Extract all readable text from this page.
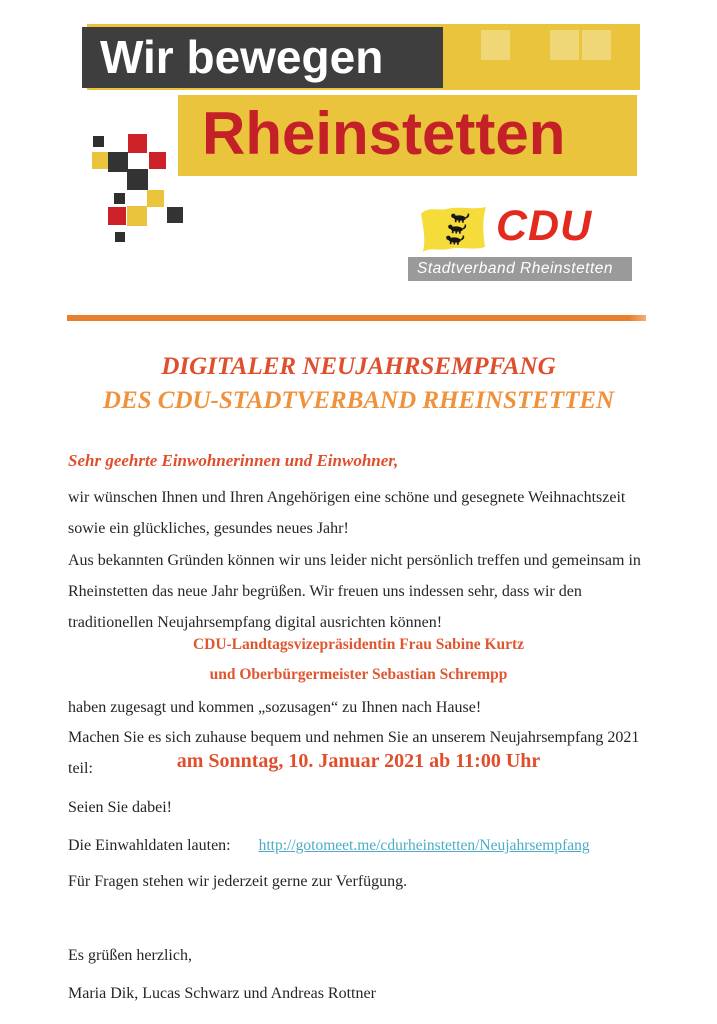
Wir bewegen
Rheinstetten
CDU
Stadtverband Rheinstetten
DIGITALER NEUJAHRSEMPFANG
DES CDU-STADTVERBAND RHEINSTETTEN
Sehr geehrte Einwohnerinnen und Einwohner,
wir wünschen Ihnen und Ihren Angehörigen eine schöne und gesegnete Weihnachtszeit sowie ein glückliches, gesundes neues Jahr!
Aus bekannten Gründen können wir uns leider nicht persönlich treffen und gemeinsam in Rheinstetten das neue Jahr begrüßen. Wir freuen uns indessen sehr, dass wir den traditionellen Neujahrsempfang digital ausrichten können!
CDU-Landtagsvizepräsidentin Frau Sabine Kurtz
und Oberbürgermeister Sebastian Schrempp
haben zugesagt und kommen „sozusagen“ zu Ihnen nach Hause!
Machen Sie es sich zuhause bequem und nehmen Sie an unserem Neujahrsempfang 2021 teil:	am Sonntag, 10. Januar 2021 ab 11:00 Uhr
Seien Sie dabei!
Die Einwahldaten lauten: http://gotomeet.me/cdurheinstetten/Neujahrsempfang
Für Fragen stehen wir jederzeit gerne zur Verfügung.
Es grüßen herzlich,
Maria Dik, Lucas Schwarz und Andreas Rottner
